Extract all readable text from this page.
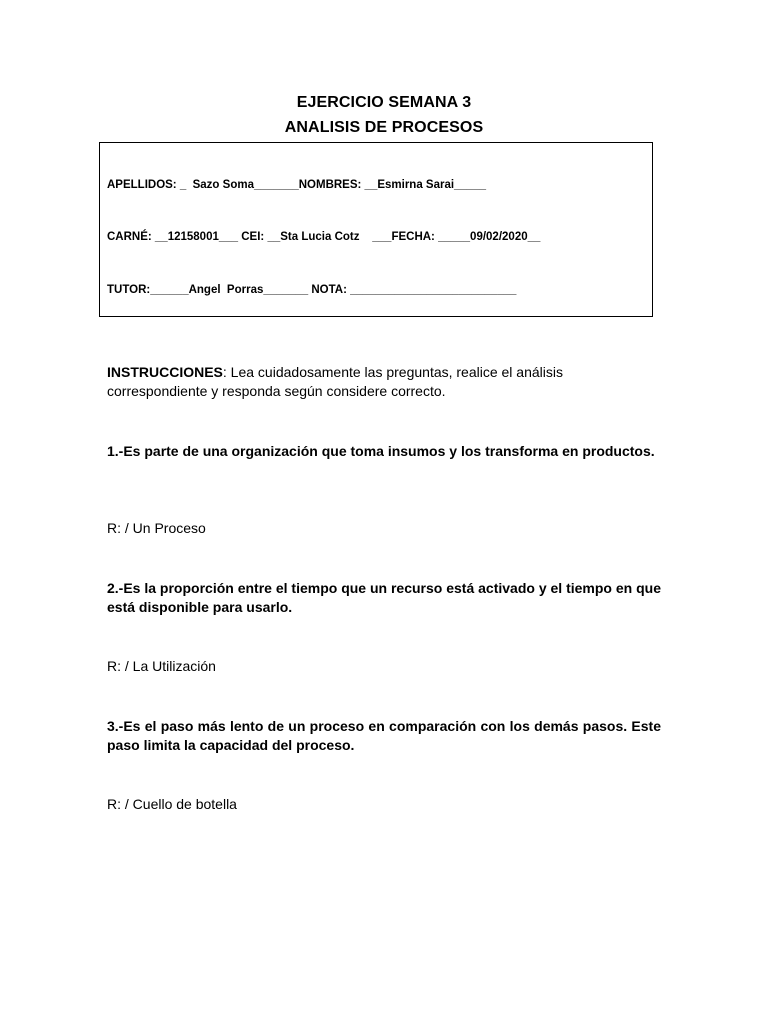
EJERCICIO SEMANA 3
ANALISIS DE PROCESOS
APELLIDOS: _  Sazo Soma_______NOMBRES: __Esmirna Sarai_____
CARNÉ: __12158001___ CEI: __Sta Lucia Cotz    ___FECHA: _____09/02/2020__
TUTOR:______Angel  Porras_______ NOTA: __________________________
INSTRUCCIONES: Lea cuidadosamente las preguntas, realice el análisis correspondiente y responda según considere correcto.
1.-Es parte de una organización que toma insumos y los transforma en productos.
R: / Un Proceso
2.-Es la proporción entre el tiempo que un recurso está activado y el tiempo en que está disponible para usarlo.
R: / La Utilización
3.-Es el paso más lento de un proceso en comparación con los demás pasos. Este paso limita la capacidad del proceso.
R: / Cuello de botella
